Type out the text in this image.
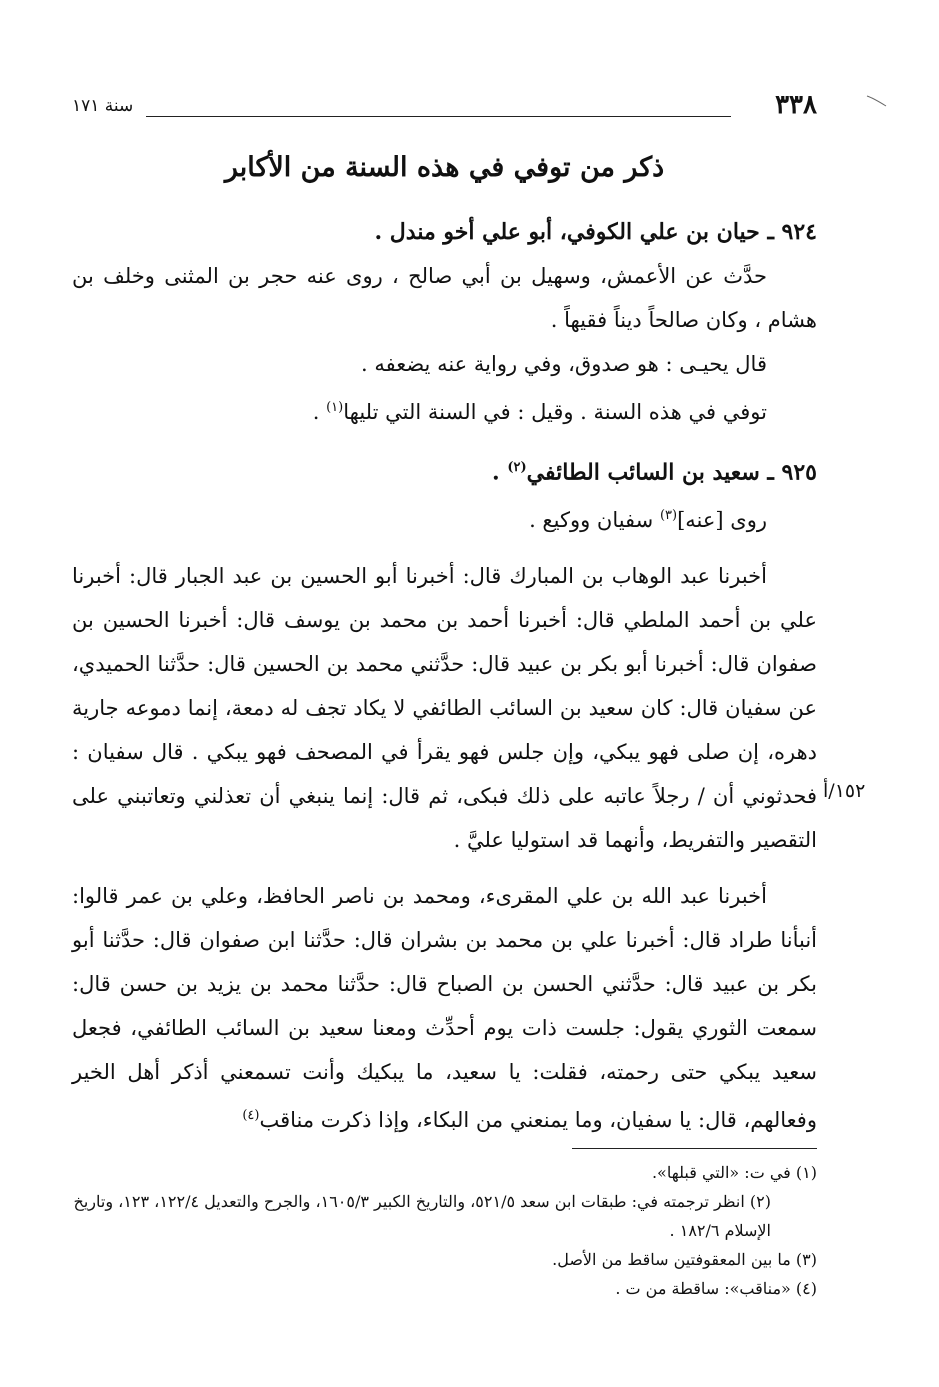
سنة ١٧١	٣٣٨
ذكر من توفي في هذه السنة من الأكابر
٩٢٤ ـ حيان بن علي الكوفي، أبو علي أخو مندل .

حدَّث عن الأعمش، وسهيل بن أبي صالح ، روى عنه حجر بن المثنى وخلف بن هشام ، وكان صالحاً ديناً فقيهاً .

قال يحيـى : هو صدوق، وفي رواية عنه يضعفه .

توفي في هذه السنة . وقيل : في السنة التي تليها$^{(١)}$ .

٩٢٥ ـ سعيد بن السائب الطائفي$^{(٢)}$ .

روى [عنه]$^{(٣)}$ سفيان ووكيع .

أخبرنا عبد الوهاب بن المبارك قال: أخبرنا أبو الحسين بن عبد الجبار قال: أخبرنا علي بن أحمد الملطي قال: أخبرنا أحمد بن محمد بن يوسف قال: أخبرنا الحسين بن صفوان قال: أخبرنا أبو بكر بن عبيد قال: حدَّثني محمد بن الحسين قال: حدَّثنا الحميدي، عن سفيان قال: كان سعيد بن السائب الطائفي لا يكاد تجف له دمعة، إنما دموعه جارية دهره، إن صلى فهو يبكي، وإن جلس فهو يقرأ في المصحف فهو يبكي . قال سفيان : فحدثوني أن / رجلاً عاتبه على ذلك فبكى، ثم قال: إنما ينبغي أن تعذلني وتعاتبني على التقصير والتفريط، وأنهما قد استوليا عليَّ .

أخبرنا عبد الله بن علي المقرىء، ومحمد بن ناصر الحافظ، وعلي بن عمر قالوا: أنبأنا طراد قال: أخبرنا علي بن محمد بن بشران قال: حدَّثنا ابن صفوان قال: حدَّثنا أبو بكر بن عبيد قال: حدَّثني الحسن بن الصباح قال: حدَّثنا محمد بن يزيد بن حسن قال: سمعت الثوري يقول: جلست ذات يوم أحدِّث ومعنا سعيد بن السائب الطائفي، فجعل سعيد يبكي حتى رحمته، فقلت: يا سعيد، ما يبكيك وأنت تسمعني أذكر أهل الخير وفعالهم، قال: يا سفيان، وما يمنعني من البكاء، وإذا ذكرت مناقب$^{(٤)}$

١٥٢/أ
(١) في ت: «التي قبلها».
(٢) انظر ترجمته في: طبقات ابن سعد ٥٢١/٥، والتاريخ الكبير ١٦٠٥/٣، والجرح والتعديل ١٢٢/٤، ١٢٣، وتاريخ الإسلام ١٨٢/٦ .
(٣) ما بين المعقوفتين ساقط من الأصل.
(٤) «مناقب»: ساقطة من ت .
